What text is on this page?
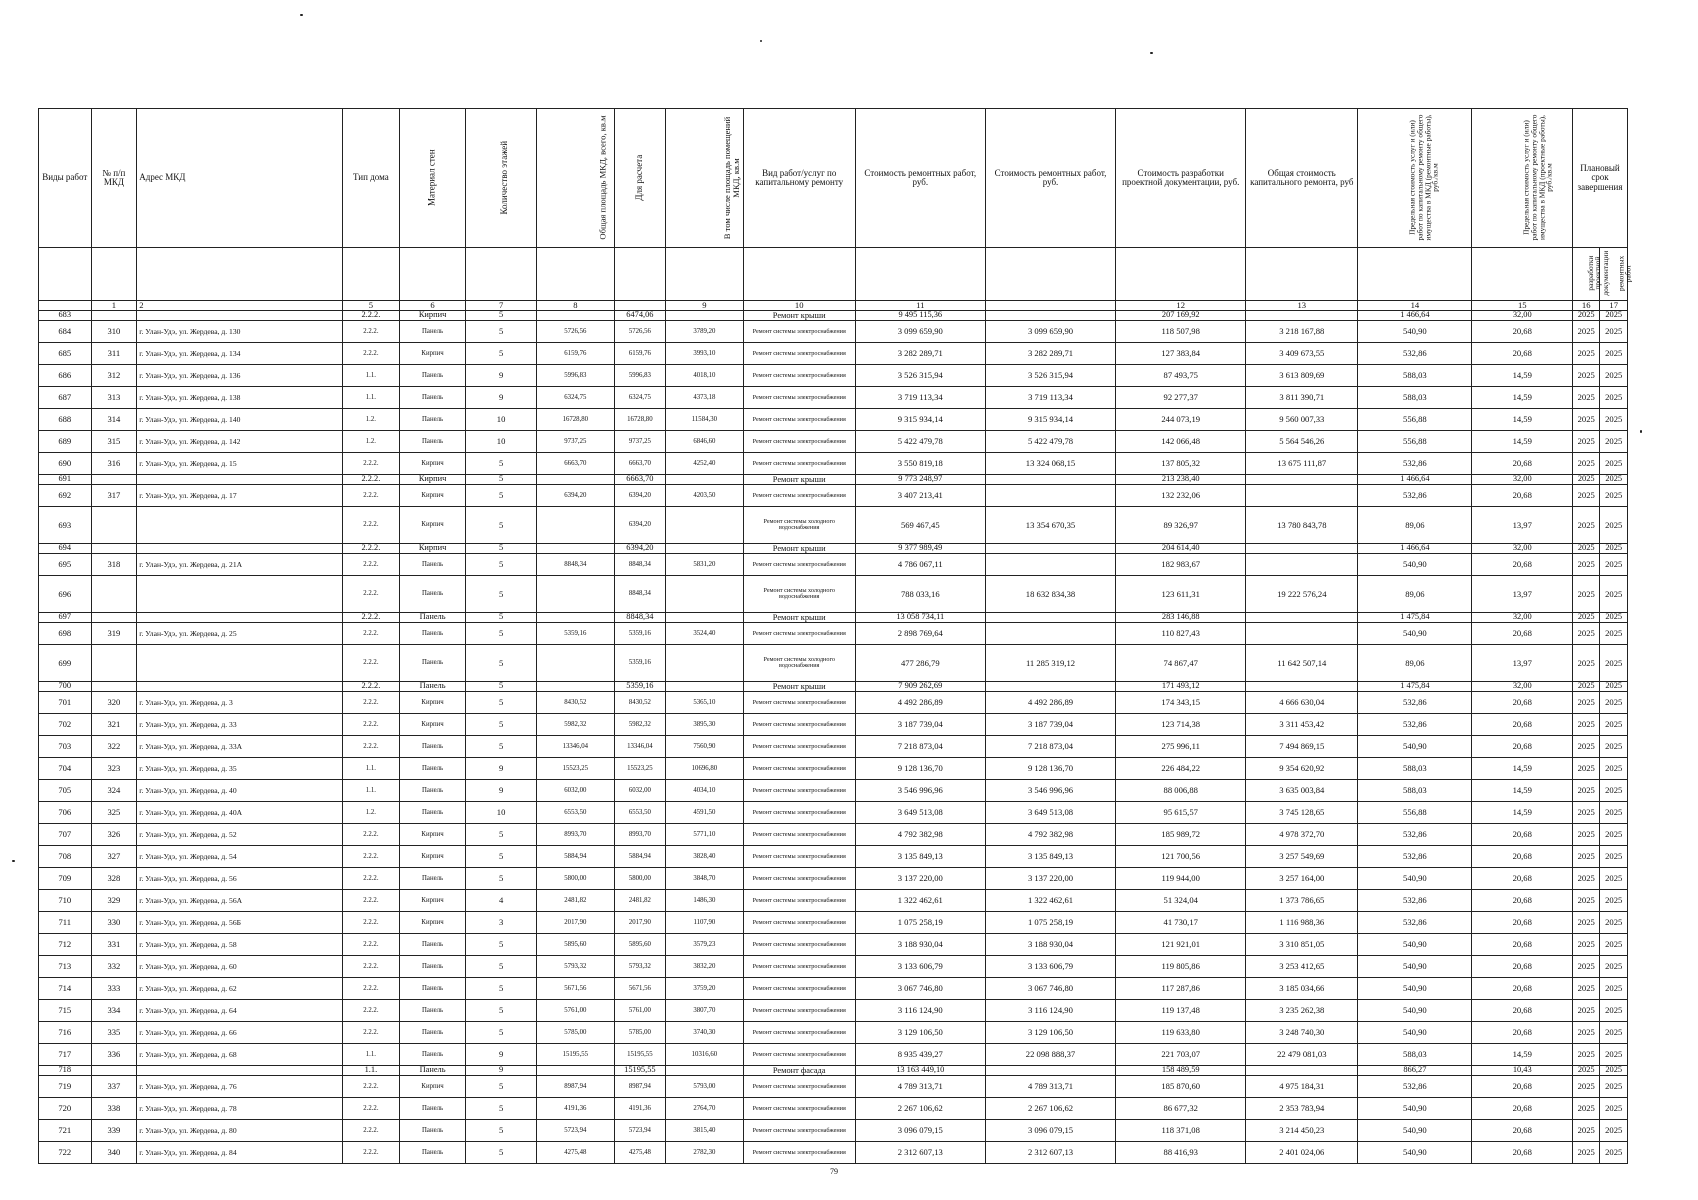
Виды работ	№ п/п МКД	Адрес МКД	Тип дома	Материал стен	Количество этажей	Общая площадь МКД, всего, кв.м	Для расчета	В том числе площадь помещений МКД, кв.м	Вид работ/услуг по капитальному ремонту	Стоимость ремонтных работ, руб.	Стоимость ремонтных работ, руб.	Стоимость разработки проектной документации, руб.	Общая стоимость капитального ремонта, руб	Предельная стоимость услуг и (или) работ по капитальному ремонту общего имущества в МКД (ремонтные работы), руб./кв.м	Предельная стоимость услуг и (или) работ по капитальному ремонту общего имущества в МКД (проектные работы), руб./кв.м	Плановый срок завершения	
																разработки проектной документации	ремонтных работ
	1	2	5	6	7	8		9	10	11		12	13	14	15	16	17
683			2.2.2.	Кирпич	5		6474,06		Ремонт крыши	9 495 115,36		207 169,92		1 466,64	32,00	2025	2025
684	310	г. Улан-Удэ, ул. Жердева, д. 130	2.2.2.	Панель	5	5726,56	5726,56	3789,20	Ремонт системы электроснабжения	3 099 659,90	3 099 659,90	118 507,98	3 218 167,88	540,90	20,68	2025	2025
685	311	г. Улан-Удэ, ул. Жердева, д. 134	2.2.2.	Кирпич	5	6159,76	6159,76	3993,10	Ремонт системы электроснабжения	3 282 289,71	3 282 289,71	127 383,84	3 409 673,55	532,86	20,68	2025	2025
686	312	г. Улан-Удэ, ул. Жердева, д. 136	1.1.	Панель	9	5996,83	5996,83	4018,10	Ремонт системы электроснабжения	3 526 315,94	3 526 315,94	87 493,75	3 613 809,69	588,03	14,59	2025	2025
687	313	г. Улан-Удэ, ул. Жердева, д. 138	1.1.	Панель	9	6324,75	6324,75	4373,18	Ремонт системы электроснабжения	3 719 113,34	3 719 113,34	92 277,37	3 811 390,71	588,03	14,59	2025	2025
688	314	г. Улан-Удэ, ул. Жердева, д. 140	1.2.	Панель	10	16728,80	16728,80	11584,30	Ремонт системы электроснабжения	9 315 934,14	9 315 934,14	244 073,19	9 560 007,33	556,88	14,59	2025	2025
689	315	г. Улан-Удэ, ул. Жердева, д. 142	1.2.	Панель	10	9737,25	9737,25	6846,60	Ремонт системы электроснабжения	5 422 479,78	5 422 479,78	142 066,48	5 564 546,26	556,88	14,59	2025	2025
690	316	г. Улан-Удэ, ул. Жердева, д. 15	2.2.2.	Кирпич	5	6663,70	6663,70	4252,40	Ремонт системы электроснабжения	3 550 819,18	13 324 068,15	137 805,32	13 675 111,87	532,86	20,68	2025	2025
691			2.2.2.	Кирпич	5		6663,70		Ремонт крыши	9 773 248,97		213 238,40		1 466,64	32,00	2025	2025
692	317	г. Улан-Удэ, ул. Жердева, д. 17	2.2.2.	Кирпич	5	6394,20	6394,20	4203,50	Ремонт системы электроснабжения	3 407 213,41		132 232,06		532,86	20,68	2025	2025
693			2.2.2.	Кирпич	5		6394,20		Ремонт системы холодного водоснабжения	569 467,45	13 354 670,35	89 326,97	13 780 843,78	89,06	13,97	2025	2025
694			2.2.2.	Кирпич	5		6394,20		Ремонт крыши	9 377 989,49		204 614,40		1 466,64	32,00	2025	2025
695	318	г. Улан-Удэ, ул. Жердева, д. 21А	2.2.2.	Панель	5	8848,34	8848,34	5831,20	Ремонт системы электроснабжения	4 786 067,11		182 983,67		540,90	20,68	2025	2025
696			2.2.2.	Панель	5		8848,34		Ремонт системы холодного водоснабжения	788 033,16	18 632 834,38	123 611,31	19 222 576,24	89,06	13,97	2025	2025
697			2.2.2.	Панель	5		8848,34		Ремонт крыши	13 058 734,11		283 146,88		1 475,84	32,00	2025	2025
698	319	г. Улан-Удэ, ул. Жердева, д. 25	2.2.2.	Панель	5	5359,16	5359,16	3524,40	Ремонт системы электроснабжения	2 898 769,64		110 827,43		540,90	20,68	2025	2025
699			2.2.2.	Панель	5		5359,16		Ремонт системы холодного водоснабжения	477 286,79	11 285 319,12	74 867,47	11 642 507,14	89,06	13,97	2025	2025
700			2.2.2.	Панель	5		5359,16		Ремонт крыши	7 909 262,69		171 493,12		1 475,84	32,00	2025	2025
701	320	г. Улан-Удэ, ул. Жердева, д. 3	2.2.2.	Кирпич	5	8430,52	8430,52	5365,10	Ремонт системы электроснабжения	4 492 286,89	4 492 286,89	174 343,15	4 666 630,04	532,86	20,68	2025	2025
702	321	г. Улан-Удэ, ул. Жердева, д. 33	2.2.2.	Кирпич	5	5982,32	5982,32	3895,30	Ремонт системы электроснабжения	3 187 739,04	3 187 739,04	123 714,38	3 311 453,42	532,86	20,68	2025	2025
703	322	г. Улан-Удэ, ул. Жердева, д. 33А	2.2.2.	Панель	5	13346,04	13346,04	7560,90	Ремонт системы электроснабжения	7 218 873,04	7 218 873,04	275 996,11	7 494 869,15	540,90	20,68	2025	2025
704	323	г. Улан-Удэ, ул. Жердева, д. 35	1.1.	Панель	9	15523,25	15523,25	10696,80	Ремонт системы электроснабжения	9 128 136,70	9 128 136,70	226 484,22	9 354 620,92	588,03	14,59	2025	2025
705	324	г. Улан-Удэ, ул. Жердева, д. 40	1.1.	Панель	9	6032,00	6032,00	4034,10	Ремонт системы электроснабжения	3 546 996,96	3 546 996,96	88 006,88	3 635 003,84	588,03	14,59	2025	2025
706	325	г. Улан-Удэ, ул. Жердева, д. 40А	1.2.	Панель	10	6553,50	6553,50	4591,50	Ремонт системы электроснабжения	3 649 513,08	3 649 513,08	95 615,57	3 745 128,65	556,88	14,59	2025	2025
707	326	г. Улан-Удэ, ул. Жердева, д. 52	2.2.2.	Кирпич	5	8993,70	8993,70	5771,10	Ремонт системы электроснабжения	4 792 382,98	4 792 382,98	185 989,72	4 978 372,70	532,86	20,68	2025	2025
708	327	г. Улан-Удэ, ул. Жердева, д. 54	2.2.2.	Кирпич	5	5884,94	5884,94	3828,40	Ремонт системы электроснабжения	3 135 849,13	3 135 849,13	121 700,56	3 257 549,69	532,86	20,68	2025	2025
709	328	г. Улан-Удэ, ул. Жердева, д. 56	2.2.2.	Панель	5	5800,00	5800,00	3848,70	Ремонт системы электроснабжения	3 137 220,00	3 137 220,00	119 944,00	3 257 164,00	540,90	20,68	2025	2025
710	329	г. Улан-Удэ, ул. Жердева, д. 56А	2.2.2.	Кирпич	4	2481,82	2481,82	1486,30	Ремонт системы электроснабжения	1 322 462,61	1 322 462,61	51 324,04	1 373 786,65	532,86	20,68	2025	2025
711	330	г. Улан-Удэ, ул. Жердева, д. 56Б	2.2.2.	Кирпич	3	2017,90	2017,90	1107,90	Ремонт системы электроснабжения	1 075 258,19	1 075 258,19	41 730,17	1 116 988,36	532,86	20,68	2025	2025
712	331	г. Улан-Удэ, ул. Жердева, д. 58	2.2.2.	Панель	5	5895,60	5895,60	3579,23	Ремонт системы электроснабжения	3 188 930,04	3 188 930,04	121 921,01	3 310 851,05	540,90	20,68	2025	2025
713	332	г. Улан-Удэ, ул. Жердева, д. 60	2.2.2.	Панель	5	5793,32	5793,32	3832,20	Ремонт системы электроснабжения	3 133 606,79	3 133 606,79	119 805,86	3 253 412,65	540,90	20,68	2025	2025
714	333	г. Улан-Удэ, ул. Жердева, д. 62	2.2.2.	Панель	5	5671,56	5671,56	3759,20	Ремонт системы электроснабжения	3 067 746,80	3 067 746,80	117 287,86	3 185 034,66	540,90	20,68	2025	2025
715	334	г. Улан-Удэ, ул. Жердева, д. 64	2.2.2.	Панель	5	5761,00	5761,00	3807,70	Ремонт системы электроснабжения	3 116 124,90	3 116 124,90	119 137,48	3 235 262,38	540,90	20,68	2025	2025
716	335	г. Улан-Удэ, ул. Жердева, д. 66	2.2.2.	Панель	5	5785,00	5785,00	3740,30	Ремонт системы электроснабжения	3 129 106,50	3 129 106,50	119 633,80	3 248 740,30	540,90	20,68	2025	2025
717	336	г. Улан-Удэ, ул. Жердева, д. 68	1.1.	Панель	9	15195,55	15195,55	10316,60	Ремонт системы электроснабжения	8 935 439,27	22 098 888,37	221 703,07	22 479 081,03	588,03	14,59	2025	2025
718			1.1.	Панель	9		15195,55		Ремонт фасада	13 163 449,10		158 489,59		866,27	10,43	2025	2025
719	337	г. Улан-Удэ, ул. Жердева, д. 76	2.2.2.	Кирпич	5	8987,94	8987,94	5793,00	Ремонт системы электроснабжения	4 789 313,71	4 789 313,71	185 870,60	4 975 184,31	532,86	20,68	2025	2025
720	338	г. Улан-Удэ, ул. Жердева, д. 78	2.2.2.	Панель	5	4191,36	4191,36	2764,70	Ремонт системы электроснабжения	2 267 106,62	2 267 106,62	86 677,32	2 353 783,94	540,90	20,68	2025	2025
721	339	г. Улан-Удэ, ул. Жердева, д. 80	2.2.2.	Панель	5	5723,94	5723,94	3815,40	Ремонт системы электроснабжения	3 096 079,15	3 096 079,15	118 371,08	3 214 450,23	540,90	20,68	2025	2025
722	340	г. Улан-Удэ, ул. Жердева, д. 84	2.2.2.	Панель	5	4275,48	4275,48	2782,30	Ремонт системы электроснабжения	2 312 607,13	2 312 607,13	88 416,93	2 401 024,06	540,90	20,68	2025	2025
79
